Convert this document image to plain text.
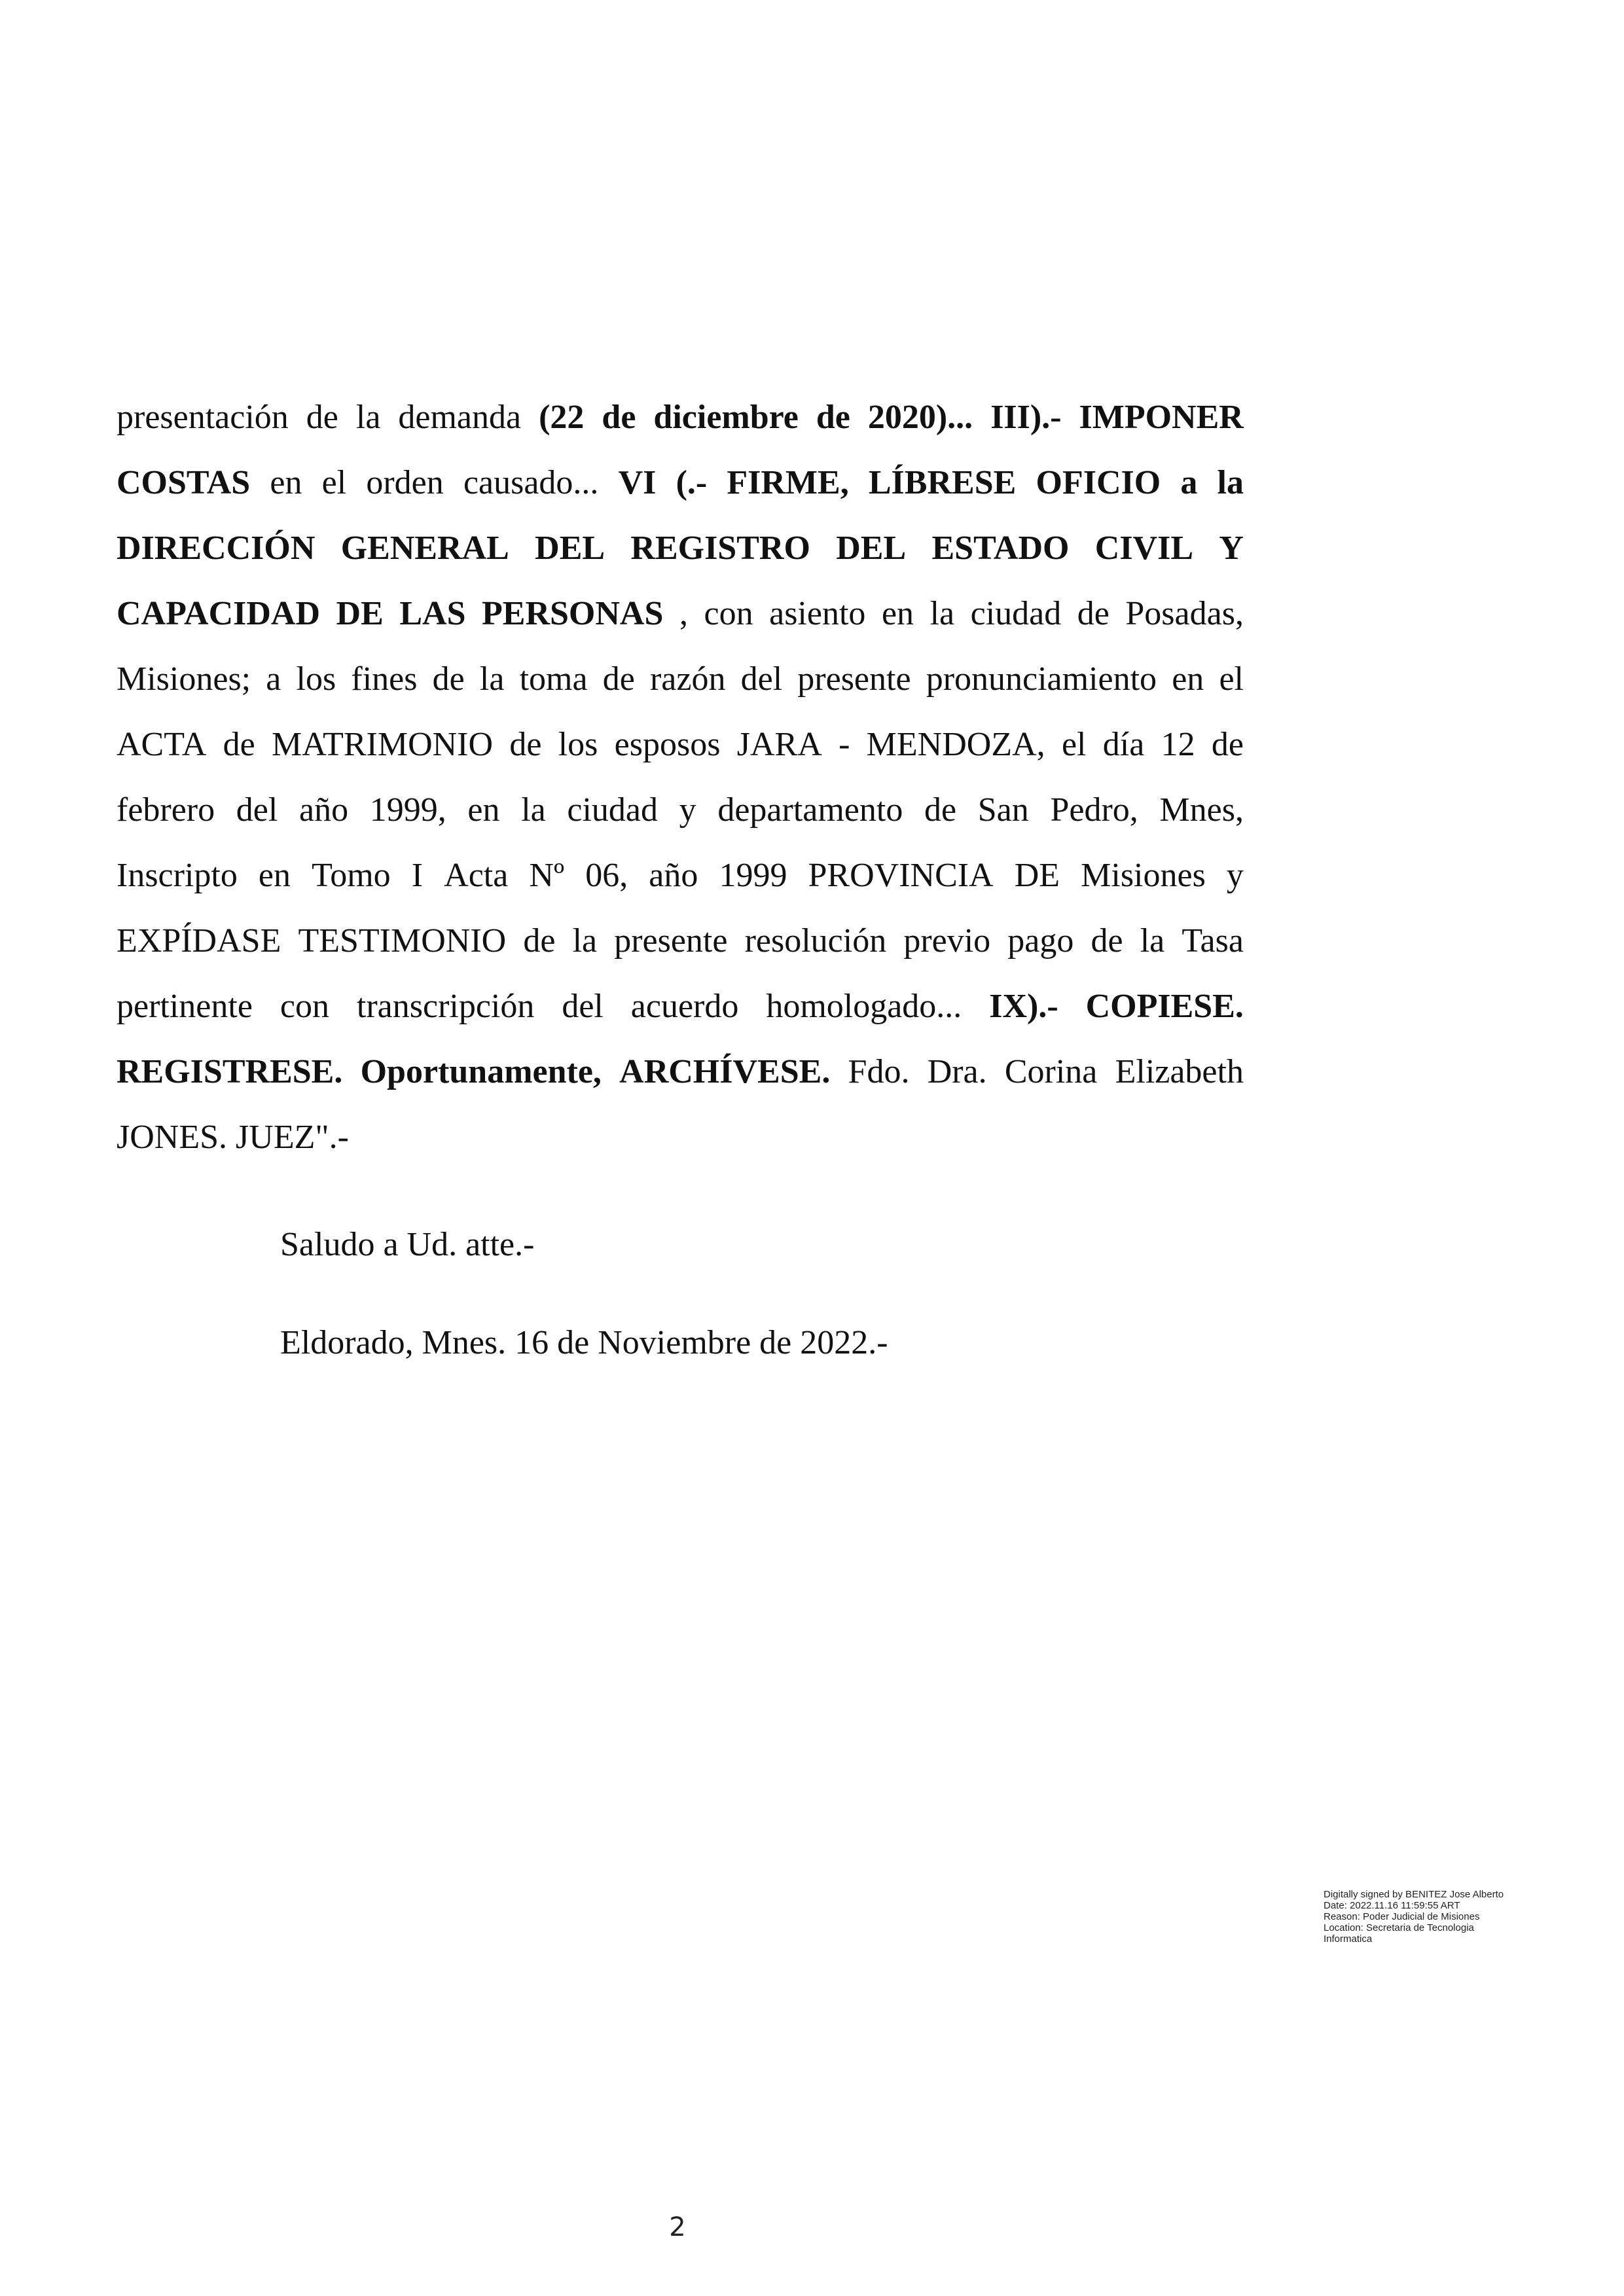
presentación de la demanda (22 de diciembre de 2020)... III).- IMPONER
COSTAS en el orden causado... VI (.- FIRME, LÍBRESE OFICIO a la
DIRECCIÓN GENERAL DEL REGISTRO DEL ESTADO CIVIL Y
CAPACIDAD DE LAS PERSONAS , con asiento en la ciudad de Posadas,
Misiones; a los fines de la toma de razón del presente pronunciamiento en el
ACTA de MATRIMONIO de los esposos JARA - MENDOZA, el día 12 de
febrero del año 1999, en la ciudad y departamento de San Pedro, Mnes,
Inscripto en Tomo I Acta Nº 06, año 1999 PROVINCIA DE Misiones y
EXPÍDASE TESTIMONIO de la presente resolución previo pago de la Tasa
pertinente con transcripción del acuerdo homologado... IX).- COPIESE.
REGISTRESE. Oportunamente, ARCHÍVESE. Fdo. Dra. Corina Elizabeth
JONES. JUEZ".-

Saludo a Ud. atte.-

Eldorado, Mnes. 16 de Noviembre de 2022.-

Digitally signed by BENITEZ Jose Alberto
Date: 2022.11.16 11:59:55 ART
Reason: Poder Judicial de Misiones
Location: Secretaria de Tecnologia
Informatica
2
